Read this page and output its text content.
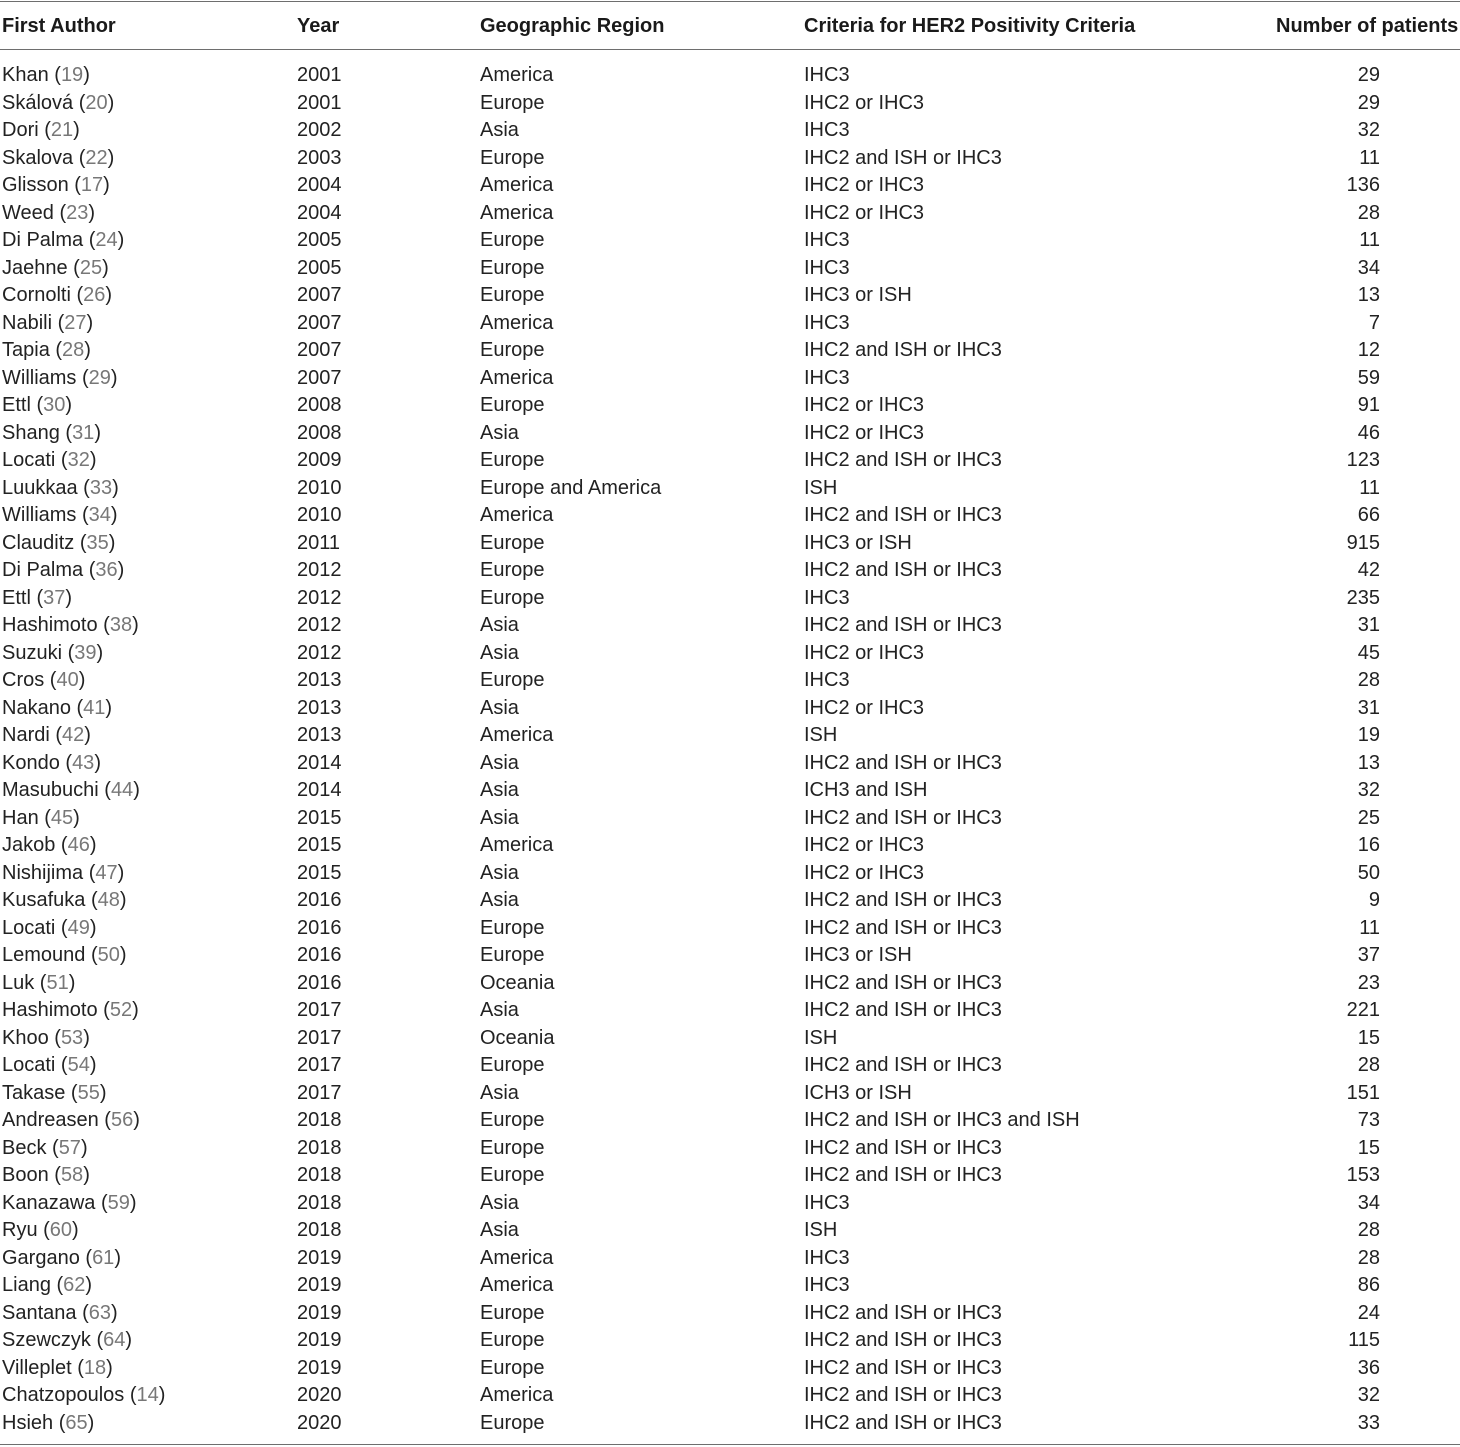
First Author	Year	Geographic Region	Criteria for HER2 Positivity Criteria	Number of patients
Khan (19)	2001	America	IHC3	29
Skálová (20)	2001	Europe	IHC2 or IHC3	29
Dori (21)	2002	Asia	IHC3	32
Skalova (22)	2003	Europe	IHC2 and ISH or IHC3	11
Glisson (17)	2004	America	IHC2 or IHC3	136
Weed (23)	2004	America	IHC2 or IHC3	28
Di Palma (24)	2005	Europe	IHC3	11
Jaehne (25)	2005	Europe	IHC3	34
Cornolti (26)	2007	Europe	IHC3 or ISH	13
Nabili (27)	2007	America	IHC3	7
Tapia (28)	2007	Europe	IHC2 and ISH or IHC3	12
Williams (29)	2007	America	IHC3	59
Ettl (30)	2008	Europe	IHC2 or IHC3	91
Shang (31)	2008	Asia	IHC2 or IHC3	46
Locati (32)	2009	Europe	IHC2 and ISH or IHC3	123
Luukkaa (33)	2010	Europe and America	ISH	11
Williams (34)	2010	America	IHC2 and ISH or IHC3	66
Clauditz (35)	2011	Europe	IHC3 or ISH	915
Di Palma (36)	2012	Europe	IHC2 and ISH or IHC3	42
Ettl (37)	2012	Europe	IHC3	235
Hashimoto (38)	2012	Asia	IHC2 and ISH or IHC3	31
Suzuki (39)	2012	Asia	IHC2 or IHC3	45
Cros (40)	2013	Europe	IHC3	28
Nakano (41)	2013	Asia	IHC2 or IHC3	31
Nardi (42)	2013	America	ISH	19
Kondo (43)	2014	Asia	IHC2 and ISH or IHC3	13
Masubuchi (44)	2014	Asia	ICH3 and ISH	32
Han (45)	2015	Asia	IHC2 and ISH or IHC3	25
Jakob (46)	2015	America	IHC2 or IHC3	16
Nishijima (47)	2015	Asia	IHC2 or IHC3	50
Kusafuka (48)	2016	Asia	IHC2 and ISH or IHC3	9
Locati (49)	2016	Europe	IHC2 and ISH or IHC3	11
Lemound (50)	2016	Europe	IHC3 or ISH	37
Luk (51)	2016	Oceania	IHC2 and ISH or IHC3	23
Hashimoto (52)	2017	Asia	IHC2 and ISH or IHC3	221
Khoo (53)	2017	Oceania	ISH	15
Locati (54)	2017	Europe	IHC2 and ISH or IHC3	28
Takase (55)	2017	Asia	ICH3 or ISH	151
Andreasen (56)	2018	Europe	IHC2 and ISH or IHC3 and ISH	73
Beck (57)	2018	Europe	IHC2 and ISH or IHC3	15
Boon (58)	2018	Europe	IHC2 and ISH or IHC3	153
Kanazawa (59)	2018	Asia	IHC3	34
Ryu (60)	2018	Asia	ISH	28
Gargano (61)	2019	America	IHC3	28
Liang (62)	2019	America	IHC3	86
Santana (63)	2019	Europe	IHC2 and ISH or IHC3	24
Szewczyk (64)	2019	Europe	IHC2 and ISH or IHC3	115
Villeplet (18)	2019	Europe	IHC2 and ISH or IHC3	36
Chatzopoulos (14)	2020	America	IHC2 and ISH or IHC3	32
Hsieh (65)	2020	Europe	IHC2 and ISH or IHC3	33
